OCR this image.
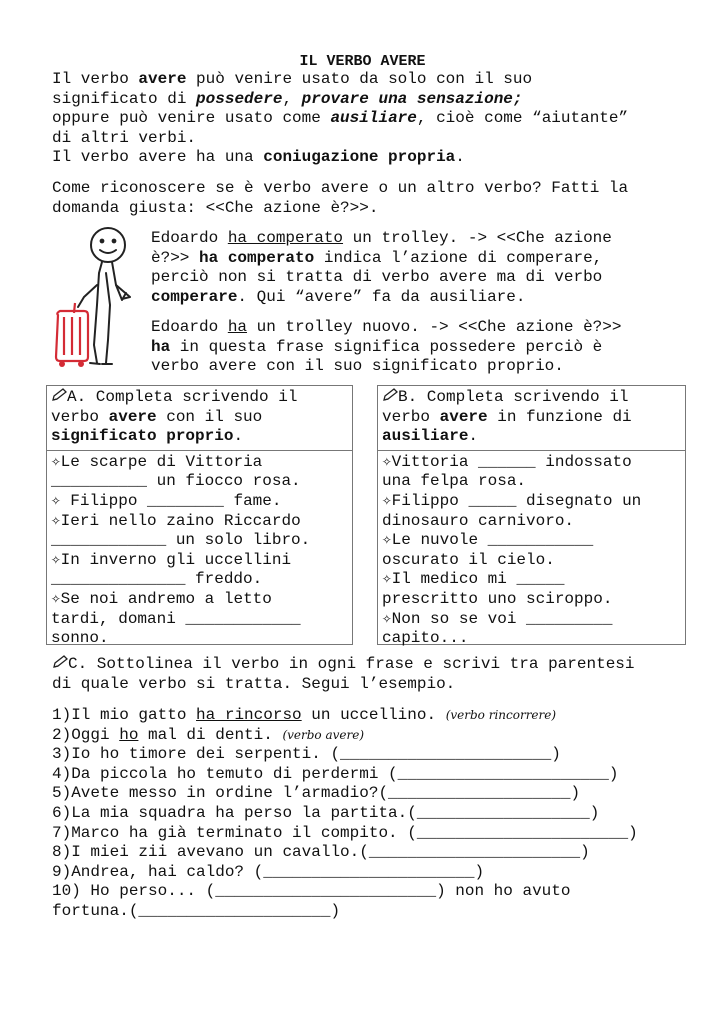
IL VERBO AVERE
Il verbo avere può venire usato da solo con il suo
significato di possedere, provare una sensazione;
oppure può venire usato come ausiliare, cioè come “aiutante”
di altri verbi.
Il verbo avere ha una coniugazione propria.
Come riconoscere se è verbo avere o un altro verbo? Fatti la
domanda giusta: <<Che azione è?>>.
Edoardo ha comperato un trolley. -> <<Che azione
è?>> ha comperato indica l’azione di comperare,
perciò non si tratta di verbo avere ma di verbo
comperare. Qui “avere” fa da ausiliare.
Edoardo ha un trolley nuovo. -> <<Che azione è?>>
ha in questa frase significa possedere perciò è
verbo avere con il suo significato proprio.
A. Completa scrivendo il
verbo avere con il suo
significato proprio.
✧Le scarpe di Vittoria
__________ un fiocco rosa.
✧ Filippo ________ fame.
✧Ieri nello zaino Riccardo
____________ un solo libro.
✧In inverno gli uccellini
______________ freddo.
✧Se noi andremo a letto
tardi, domani ____________
sonno.
B. Completa scrivendo il
verbo avere in funzione di
ausiliare.
✧Vittoria ______ indossato
una felpa rosa.
✧Filippo _____ disegnato un
dinosauro carnivoro.
✧Le nuvole ___________
oscurato il cielo.
✧Il medico mi _____
prescritto uno sciroppo.
✧Non so se voi _________
capito...
C. Sottolinea il verbo in ogni frase e scrivi tra parentesi
di quale verbo si tratta. Segui l’esempio.
1)Il mio gatto ha rincorso un uccellino. (verbo rincorrere)
2)Oggi ho mal di denti. (verbo avere)
3)Io ho timore dei serpenti. (______________________)
4)Da piccola ho temuto di perdermi (______________________)
5)Avete messo in ordine l’armadio?(___________________)
6)La mia squadra ha perso la partita.(__________________)
7)Marco ha già terminato il compito. (______________________)
8)I miei zii avevano un cavallo.(______________________)
9)Andrea, hai caldo? (______________________)
10) Ho perso... (_______________________) non ho avuto
fortuna.(____________________)
